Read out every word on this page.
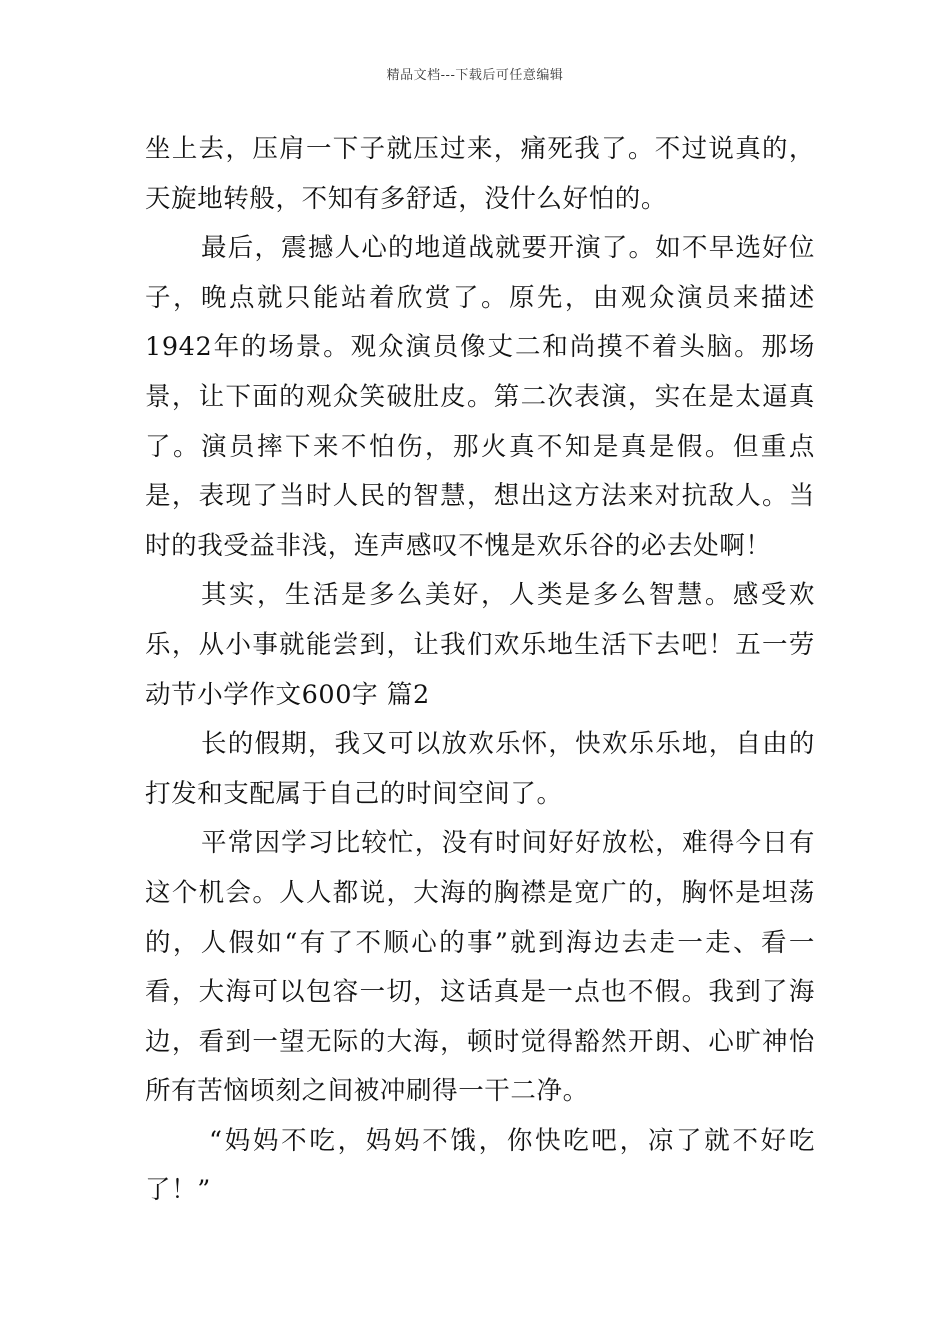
精品文档---下载后可任意编辑

坐上去，压肩一下子就压过来，痛死我了。不过说真的，天旋地转般，不知有多舒适，没什么好怕的。

最后，震撼人心的地道战就要开演了。如不早选好位子，晚点就只能站着欣赏了。原先，由观众演员来描述1942年的场景。观众演员像丈二和尚摸不着头脑。那场景，让下面的观众笑破肚皮。第二次表演，实在是太逼真了。演员摔下来不怕伤，那火真不知是真是假。但重点是，表现了当时人民的智慧，想出这方法来对抗敌人。当时的我受益非浅，连声感叹不愧是欢乐谷的必去处啊！

其实，生活是多么美好，人类是多么智慧。感受欢乐，从小事就能尝到，让我们欢乐地生活下去吧！五一劳动节小学作文600字 篇2

长的假期，我又可以放欢乐怀，快欢乐乐地，自由的打发和支配属于自己的时间空间了。

平常因学习比较忙，没有时间好好放松，难得今日有这个机会。人人都说，大海的胸襟是宽广的，胸怀是坦荡的，人假如“有了不顺心的事”就到海边去走一走、看一看，大海可以包容一切，这话真是一点也不假。我到了海边，看到一望无际的大海，顿时觉得豁然开朗、心旷神怡所有苦恼顷刻之间被冲刷得一干二净。

“妈妈不吃，妈妈不饿，你快吃吧，凉了就不好吃了！”
